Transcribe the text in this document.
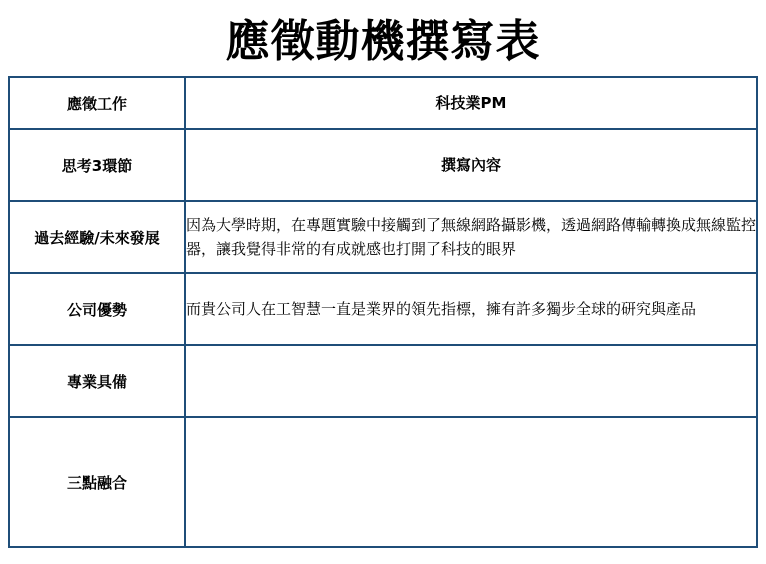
應徵動機撰寫表
應徵工作	科技業PM
思考3環節	撰寫內容
過去經驗/未來發展	因為大學時期，在專題實驗中接觸到了無線網路攝影機，透過網路傳輸轉換成無線監控器，讓我覺得非常的有成就感也打開了科技的眼界
公司優勢	而貴公司人在工智慧一直是業界的領先指標，擁有許多獨步全球的研究與產品
專業具備	
三點融合	
